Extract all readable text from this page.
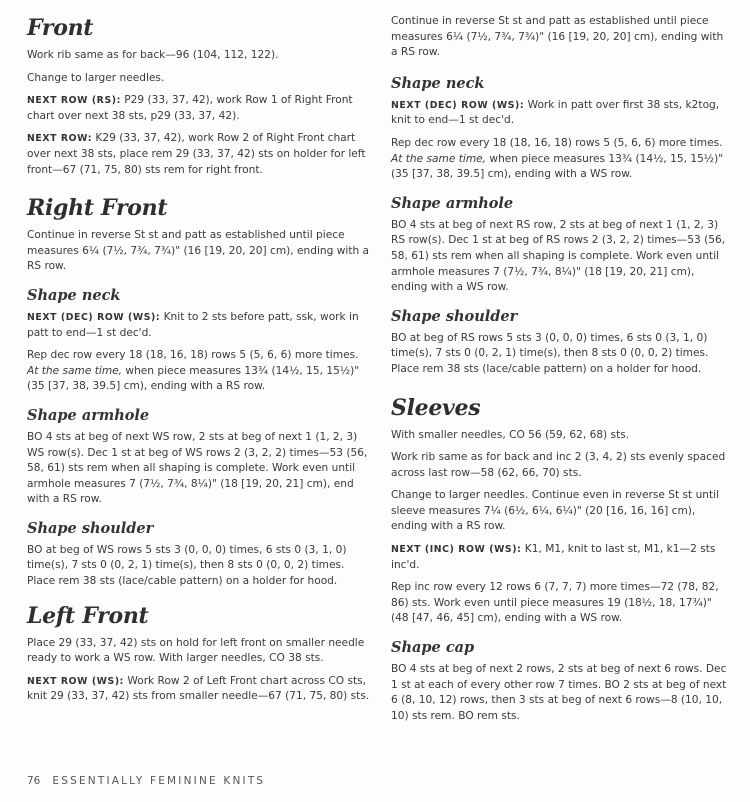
Front

Work rib same as for back—96 (104, 112, 122).

Change to larger needles.

NEXT ROW (RS): P29 (33, 37, 42), work Row 1 of Right Front chart over next 38 sts, p29 (33, 37, 42).

NEXT ROW: K29 (33, 37, 42), work Row 2 of Right Front chart over next 38 sts, place rem 29 (33, 37, 42) sts on holder for left front—67 (71, 75, 80) sts rem for right front.

Right Front

Continue in reverse St st and patt as established until piece measures 6¼ (7½, 7¾, 7¾)" (16 [19, 20, 20] cm), ending with a RS row.

Shape neck

NEXT (DEC) ROW (WS): Knit to 2 sts before patt, ssk, work in patt to end—1 st dec'd.

Rep dec row every 18 (18, 16, 18) rows 5 (5, 6, 6) more times. At the same time, when piece measures 13¾ (14½, 15, 15½)" (35 [37, 38, 39.5] cm), ending with a RS row.

Shape armhole

BO 4 sts at beg of next WS row, 2 sts at beg of next 1 (1, 2, 3) WS row(s). Dec 1 st at beg of WS rows 2 (3, 2, 2) times—53 (56, 58, 61) sts rem when all shaping is complete. Work even until armhole measures 7 (7½, 7¾, 8¼)" (18 [19, 20, 21] cm), end with a RS row.

Shape shoulder

BO at beg of WS rows 5 sts 3 (0, 0, 0) times, 6 sts 0 (3, 1, 0) time(s), 7 sts 0 (0, 2, 1) time(s), then 8 sts 0 (0, 0, 2) times. Place rem 38 sts (lace/cable pattern) on a holder for hood.

Left Front

Place 29 (33, 37, 42) sts on hold for left front on smaller needle ready to work a WS row. With larger needles, CO 38 sts.

NEXT ROW (WS): Work Row 2 of Left Front chart across CO sts, knit 29 (33, 37, 42) sts from smaller needle—67 (71, 75, 80) sts.

Continue in reverse St st and patt as established until piece measures 6¼ (7½, 7¾, 7¾)" (16 [19, 20, 20] cm), ending with a RS row.

Shape neck

NEXT (DEC) ROW (WS): Work in patt over first 38 sts, k2tog, knit to end—1 st dec'd.

Rep dec row every 18 (18, 16, 18) rows 5 (5, 6, 6) more times. At the same time, when piece measures 13¾ (14½, 15, 15½)" (35 [37, 38, 39.5] cm), ending with a WS row.

Shape armhole

BO 4 sts at beg of next RS row, 2 sts at beg of next 1 (1, 2, 3) RS row(s). Dec 1 st at beg of RS rows 2 (3, 2, 2) times—53 (56, 58, 61) sts rem when all shaping is complete. Work even until armhole measures 7 (7½, 7¾, 8¼)" (18 [19, 20, 21] cm), ending with a WS row.

Shape shoulder

BO at beg of RS rows 5 sts 3 (0, 0, 0) times, 6 sts 0 (3, 1, 0) time(s), 7 sts 0 (0, 2, 1) time(s), then 8 sts 0 (0, 0, 2) times. Place rem 38 sts (lace/cable pattern) on a holder for hood.

Sleeves

With smaller needles, CO 56 (59, 62, 68) sts.

Work rib same as for back and inc 2 (3, 4, 2) sts evenly spaced across last row—58 (62, 66, 70) sts.

Change to larger needles. Continue even in reverse St st until sleeve measures 7¼ (6½, 6¼, 6¼)" (20 [16, 16, 16] cm), ending with a RS row.

NEXT (INC) ROW (WS): K1, M1, knit to last st, M1, k1—2 sts inc'd.

Rep inc row every 12 rows 6 (7, 7, 7) more times—72 (78, 82, 86) sts. Work even until piece measures 19 (18½, 18, 17¾)" (48 [47, 46, 45] cm), ending with a WS row.

Shape cap

BO 4 sts at beg of next 2 rows, 2 sts at beg of next 6 rows. Dec 1 st at each of every other row 7 times. BO 2 sts at beg of next 6 (8, 10, 12) rows, then 3 sts at beg of next 6 rows—8 (10, 10, 10) sts rem. BO rem sts.

76 ESSENTIALLY FEMININE KNITS
